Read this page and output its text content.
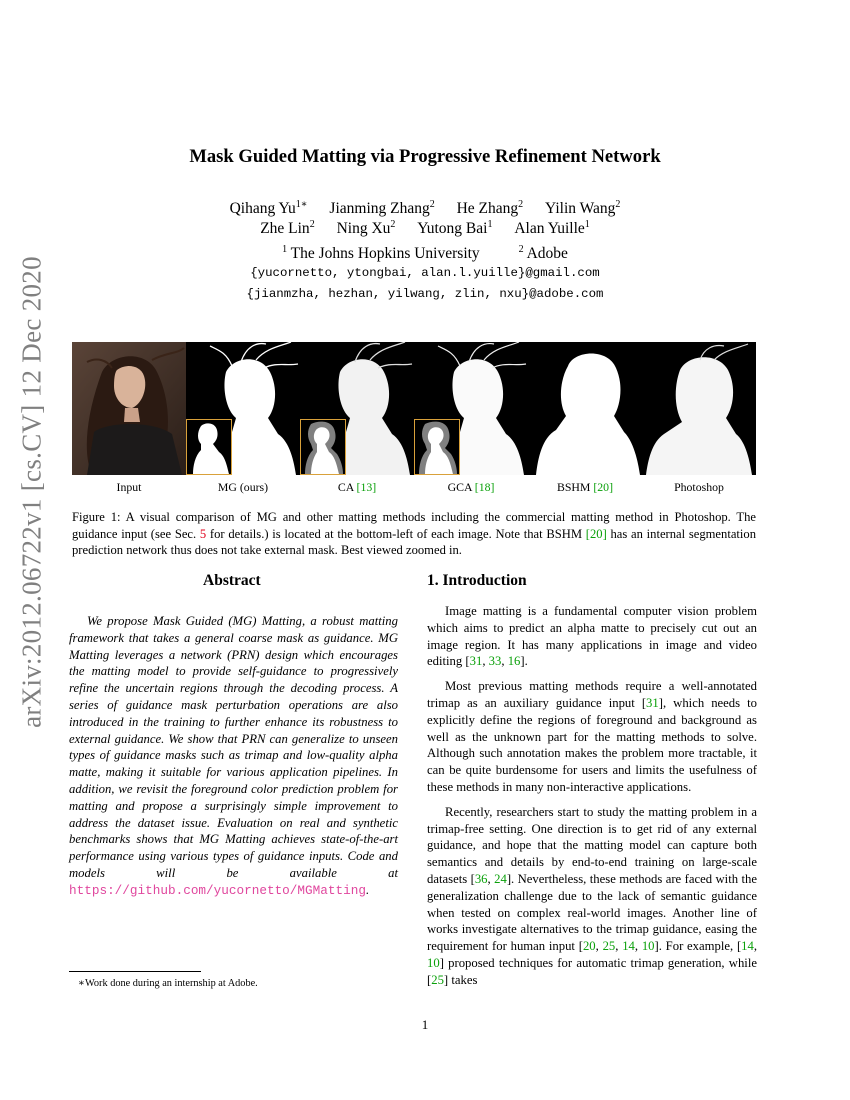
arXiv:2012.06722v1 [cs.CV] 12 Dec 2020
Mask Guided Matting via Progressive Refinement Network
Qihang $Yu^{1∗}$ Jianming Zhang$^2$ He Zhang$^2$ Yilin Wang$^2$
Zhe Lin$^2$ Ning Xu$^2$ Yutong Bai$^1$ Alan Yuille$^1$
$^1$ The Johns Hopkins University	$^2$ Adobe
{yucornetto, ytongbai, alan.l.yuille}@gmail.com
{jianmzha, hezhan, yilwang, zlin, nxu}@adobe.com
Input	MG (ours)	CA [13]	GCA [18]	BSHM [20]	Photoshop
Figure 1: A visual comparison of MG and other matting methods including the commercial matting method in Photoshop. The guidance input (see Sec. 5 for details.) is located at the bottom-left of each image. Note that BSHM [20] has an internal segmentation prediction network thus does not take external mask. Best viewed zoomed in.
Abstract

We propose Mask Guided (MG) Matting, a robust matting framework that takes a general coarse mask as guidance. MG Matting leverages a network (PRN) design which encourages the matting model to provide self-guidance to progressively refine the uncertain regions through the decoding process. A series of guidance mask perturbation operations are also introduced in the training to further enhance its robustness to external guidance. We show that PRN can generalize to unseen types of guidance masks such as trimap and low-quality alpha matte, making it suitable for various application pipelines. In addition, we revisit the foreground color prediction problem for matting and propose a surprisingly simple improvement to address the dataset issue. Evaluation on real and synthetic benchmarks shows that MG Matting achieves state-of-the-art performance using various types of guidance inputs. Code and models will be available at https://github.com/yucornetto/MGMatting.

1. Introduction

Image matting is a fundamental computer vision problem which aims to predict an alpha matte to precisely cut out an image region. It has many applications in image and video editing [31, 33, 16].

Most previous matting methods require a well-annotated trimap as an auxiliary guidance input [31], which needs to explicitly define the regions of foreground and background as well as the unknown part for the matting methods to solve. Although such annotation makes the problem more tractable, it can be quite burdensome for users and limits the usefulness of these methods in many non-interactive applications.

Recently, researchers start to study the matting problem in a trimap-free setting. One direction is to get rid of any external guidance, and hope that the matting model can capture both semantics and details by end-to-end training on large-scale datasets [36, 24]. Nevertheless, these methods are faced with the generalization challenge due to the lack of semantic guidance when tested on complex real-world images. Another line of works investigate alternatives to the trimap guidance, easing the requirement for human input [20, 25, 14, 10]. For example, [14, 10] proposed techniques for automatic trimap generation, while [25] takes

∗Work done during an internship at Adobe.
1
